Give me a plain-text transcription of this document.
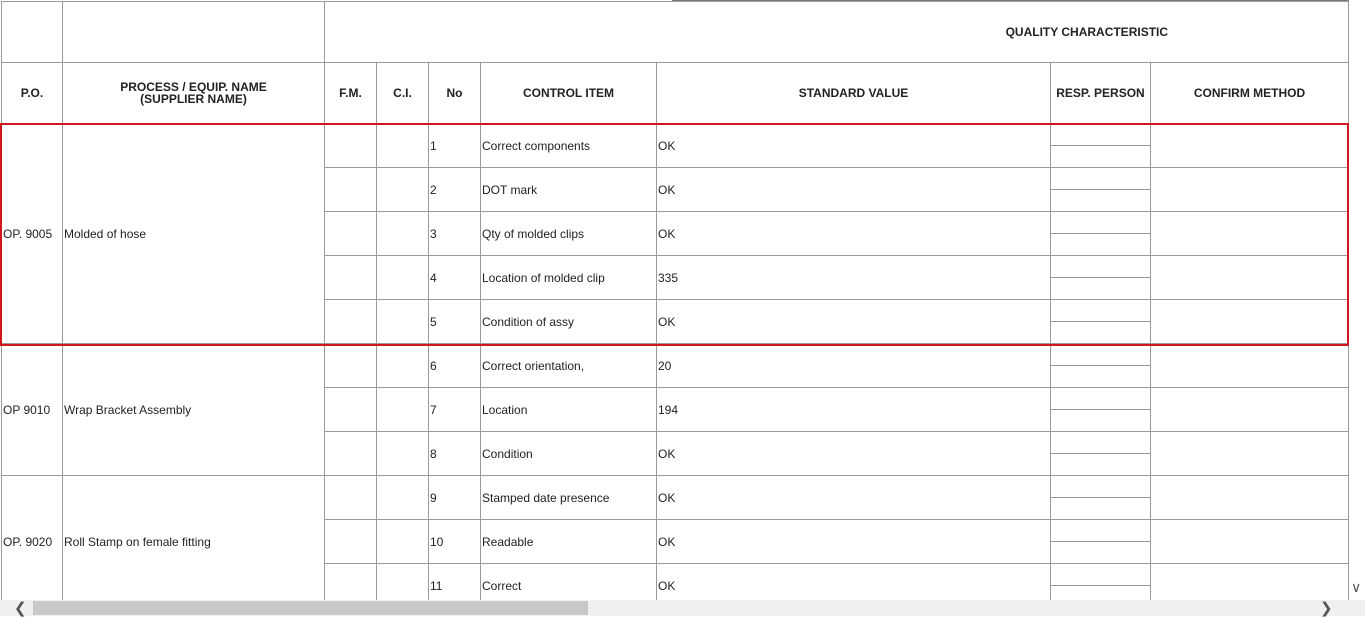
		QUALITY CHARACTERISTIC						
P.O.	PROCESS / EQUIP. NAME
(SUPPLIER NAME)	F.M.	C.I.	No	CONTROL ITEM	STANDARD VALUE	RESP. PERSON	CONFIRM METHOD
OP. 9005	Molded of hose			1	Correct components	OK	

				2	DOT mark	OK	

				3	Qty of molded clips	OK	

				4	Location of molded clip	335	

				5	Condition of assy	OK	

OP 9010	Wrap Bracket Assembly			6	Correct orientation,	20	

				7	Location	194	

				8	Condition	OK	

OP. 9020	Roll Stamp on female fitting			9	Stamped date presence	OK	

				10	Readable	OK	

				11	Correct	OK	
		∨
❮	❯
